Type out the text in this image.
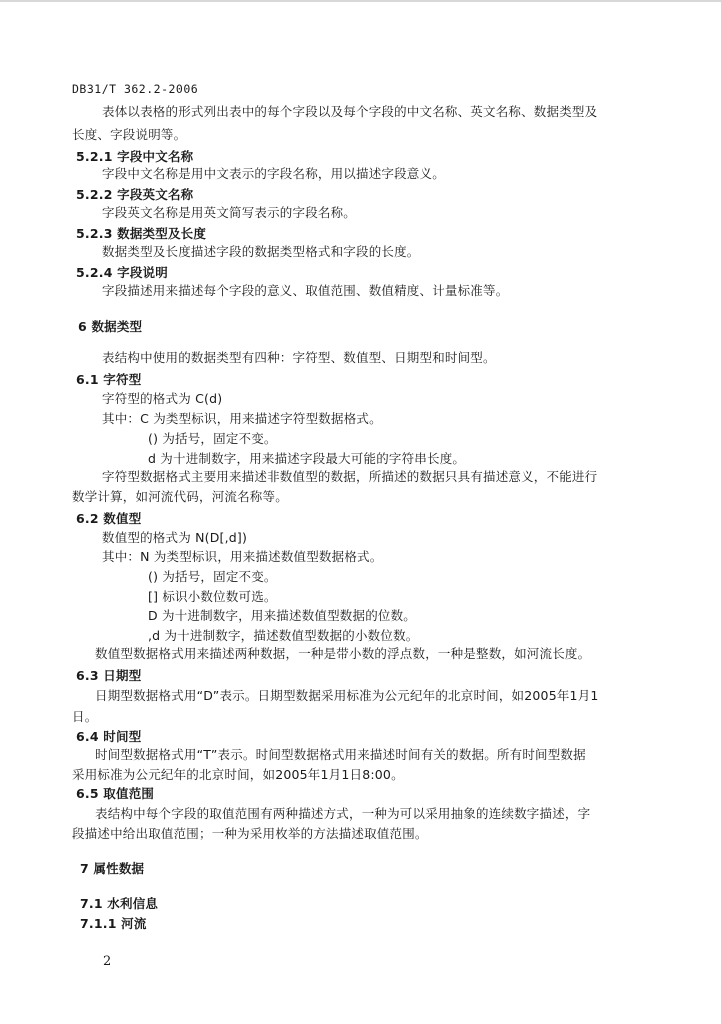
DB31/T 362.2-2006
表体以表格的形式列出表中的每个字段以及每个字段的中文名称、英文名称、数据类型及
长度、字段说明等。
5.2.1 字段中文名称
字段中文名称是用中文表示的字段名称，用以描述字段意义。
5.2.2 字段英文名称
字段英文名称是用英文简写表示的字段名称。
5.2.3 数据类型及长度
数据类型及长度描述字段的数据类型格式和字段的长度。
5.2.4 字段说明
字段描述用来描述每个字段的意义、取值范围、数值精度、计量标准等。
6 数据类型
表结构中使用的数据类型有四种：字符型、数值型、日期型和时间型。
6.1 字符型
字符型的格式为 C(d)
其中：C 为类型标识，用来描述字符型数据格式。
() 为括号，固定不变。
d 为十进制数字，用来描述字段最大可能的字符串长度。
字符型数据格式主要用来描述非数值型的数据，所描述的数据只具有描述意义，不能进行
数学计算，如河流代码，河流名称等。
6.2 数值型
数值型的格式为 N(D[,d])
其中：N 为类型标识，用来描述数值型数据格式。
() 为括号，固定不变。
[] 标识小数位数可选。
D 为十进制数字，用来描述数值型数据的位数。
,d 为十进制数字，描述数值型数据的小数位数。
数值型数据格式用来描述两种数据，一种是带小数的浮点数，一种是整数，如河流长度。
6.3 日期型
日期型数据格式用“D”表示。日期型数据采用标准为公元纪年的北京时间，如2005年1月1
日。
6.4 时间型
时间型数据格式用“T”表示。时间型数据格式用来描述时间有关的数据。所有时间型数据
采用标准为公元纪年的北京时间，如2005年1月1日8:00。
6.5 取值范围
表结构中每个字段的取值范围有两种描述方式，一种为可以采用抽象的连续数字描述，字
段描述中给出取值范围；一种为采用枚举的方法描述取值范围。
7 属性数据
7.1 水利信息
7.1.1 河流
2
